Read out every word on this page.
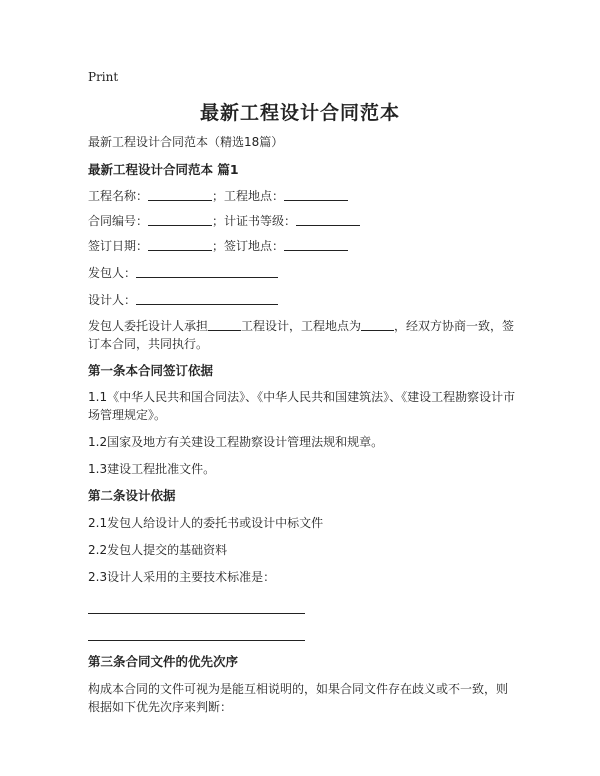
Print
最新工程设计合同范本

最新工程设计合同范本（精选18篇）

最新工程设计合同范本 篇1

工程名称：	；工程地点：

合同编号：	；计证书等级：

签订日期：	；签订地点：

发包人：

设计人：

发包人委托设计人承担	工程设计，工程地点为	，经双方协商一致，签订本合同，共同执行。

第一条本合同签订依据

1.1《中华人民共和国合同法》、《中华人民共和国建筑法》、《建设工程勘察设计市场管理规定》。

1.2国家及地方有关建设工程勘察设计管理法规和规章。

1.3建设工程批准文件。

第二条设计依据

2.1发包人给设计人的委托书或设计中标文件

2.2发包人提交的基础资料

2.3设计人采用的主要技术标准是：

第三条合同文件的优先次序

构成本合同的文件可视为是能互相说明的，如果合同文件存在歧义或不一致，则根据如下优先次序来判断：
